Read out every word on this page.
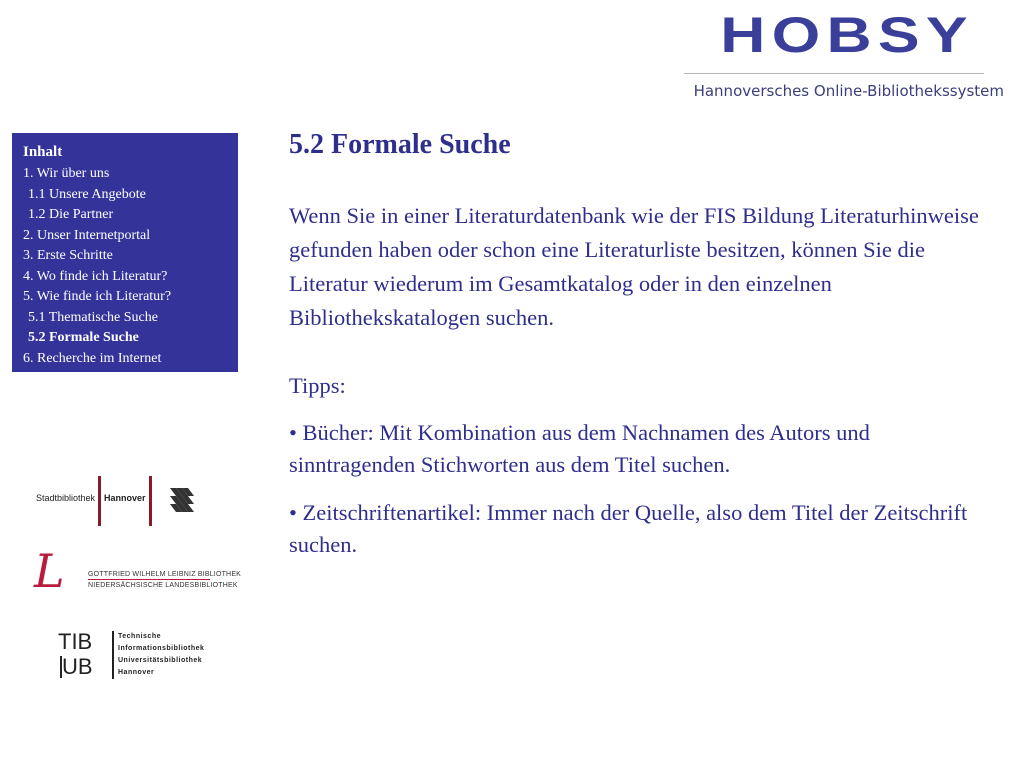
HOBSY
Hannoversches Online-Bibliothekssystem
Inhalt
1. Wir über uns
1.1 Unsere Angebote
1.2 Die Partner
2. Unser Internetportal
3. Erste Schritte
4. Wo finde ich Literatur?
5. Wie finde ich Literatur?
5.1 Thematische Suche
5.2 Formale Suche
6. Recherche im Internet
Stadtbibliothek Hannover
L	GOTTFRIED WILHELM LEIBNIZ BIBLIOTHEK
NIEDERSÄCHSISCHE LANDESBIBLIOTHEK
TIB
UB
Technische
Informationsbibliothek
Universitätsbibliothek
Hannover
5.2 Formale Suche

Wenn Sie in einer Literaturdatenbank wie der FIS Bildung Literaturhinweise gefunden haben oder schon eine Literaturliste besitzen, können Sie die Literatur wiederum im Gesamtkatalog oder in den einzelnen Bibliothekskatalogen suchen.

Tipps:

• Bücher: Mit Kombination aus dem Nachnamen des Autors und sinntragenden Stichworten aus dem Titel suchen.

• Zeitschriftenartikel: Immer nach der Quelle, also dem Titel der Zeitschrift suchen.
